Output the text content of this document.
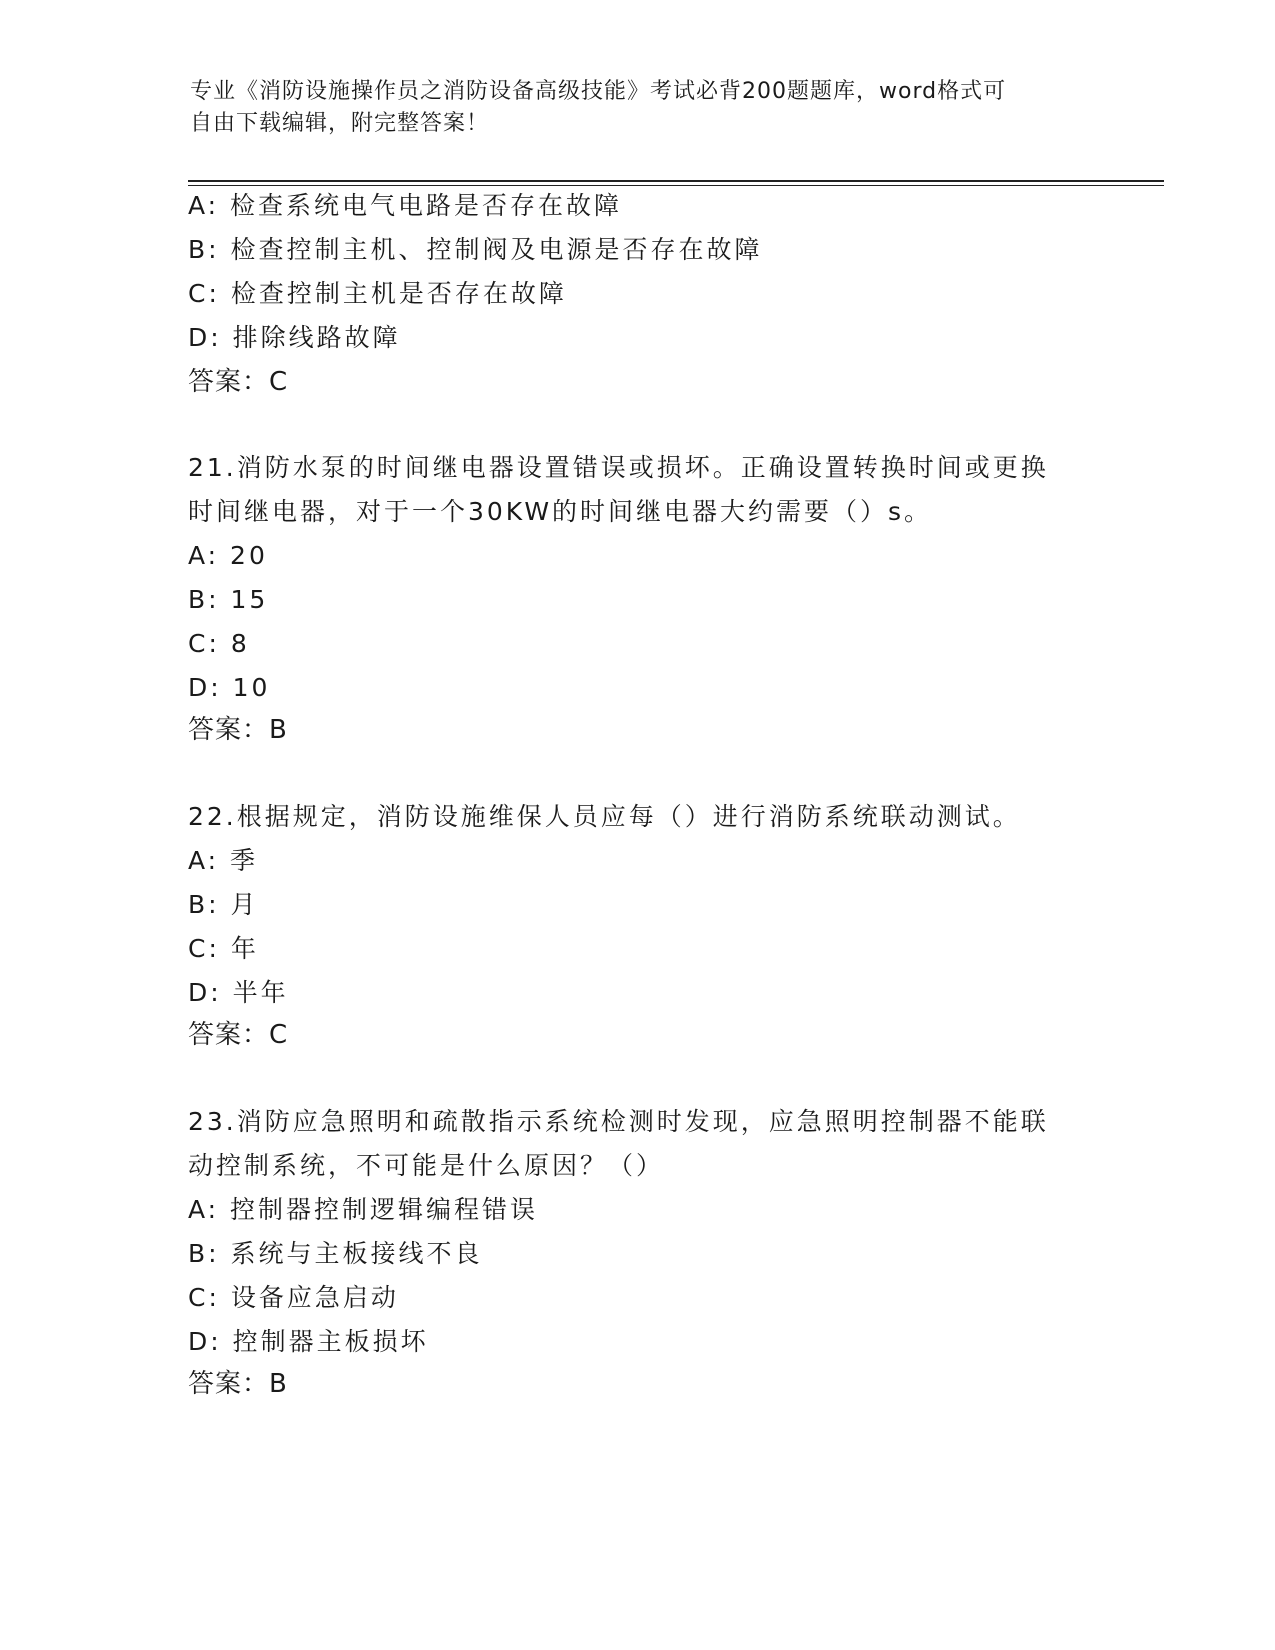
专业《消防设施操作员之消防设备高级技能》考试必背200题题库，word格式可
自由下载编辑，附完整答案！
A: 检查系统电气电路是否存在故障
B: 检查控制主机、控制阀及电源是否存在故障
C: 检查控制主机是否存在故障
D: 排除线路故障
答案：C
21.消防水泵的时间继电器设置错误或损坏。正确设置转换时间或更换
时间继电器，对于一个30KW的时间继电器大约需要（）s。
A: 20
B: 15
C: 8
D: 10
答案：B
22.根据规定，消防设施维保人员应每（）进行消防系统联动测试。
A: 季
B: 月
C: 年
D: 半年
答案：C
23.消防应急照明和疏散指示系统检测时发现，应急照明控制器不能联
动控制系统，不可能是什么原因？（）
A: 控制器控制逻辑编程错误
B: 系统与主板接线不良
C: 设备应急启动
D: 控制器主板损坏
答案：B
